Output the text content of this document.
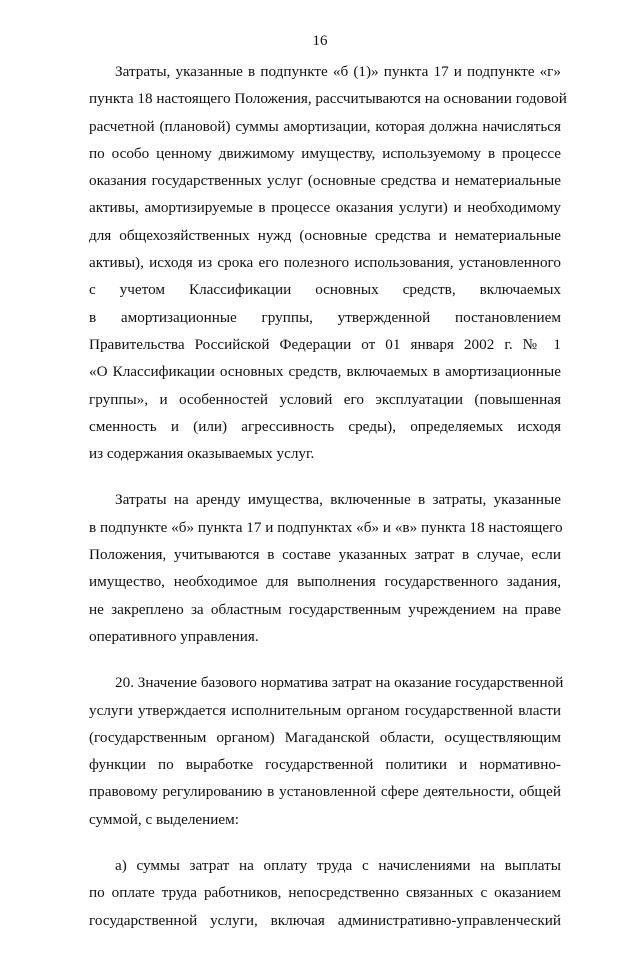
16

Затраты, указанные в подпункте «б (1)» пункта 17 и подпункте «г»
пункта 18 настоящего Положения, рассчитываются на основании годовой
расчетной (плановой) суммы амортизации, которая должна начисляться
по особо ценному движимому имуществу, используемому в процессе
оказания государственных услуг (основные средства и нематериальные
активы, амортизируемые в процессе оказания услуги) и необходимому
для общехозяйственных нужд (основные средства и нематериальные
активы), исходя из срока его полезного использования, установленного
с учетом Классификации основных средств, включаемых
в амортизационные группы, утвержденной постановлением
Правительства Российской Федерации от 01 января 2002 г. № 1
«О Классификации основных средств, включаемых в амортизационные
группы», и особенностей условий его эксплуатации (повышенная
сменность и (или) агрессивность среды), определяемых исходя
из содержания оказываемых услуг.

Затраты на аренду имущества, включенные в затраты, указанные
в подпункте «б» пункта 17 и подпунктах «б» и «в» пункта 18 настоящего
Положения, учитываются в составе указанных затрат в случае, если
имущество, необходимое для выполнения государственного задания,
не закреплено за областным государственным учреждением на праве
оперативного управления.

20. Значение базового норматива затрат на оказание государственной
услуги утверждается исполнительным органом государственной власти
(государственным органом) Магаданской области, осуществляющим
функции по выработке государственной политики и нормативно-
правовому регулированию в установленной сфере деятельности, общей
суммой, с выделением:

а) суммы затрат на оплату труда с начислениями на выплаты
по оплате труда работников, непосредственно связанных с оказанием
государственной услуги, включая административно-управленческий
